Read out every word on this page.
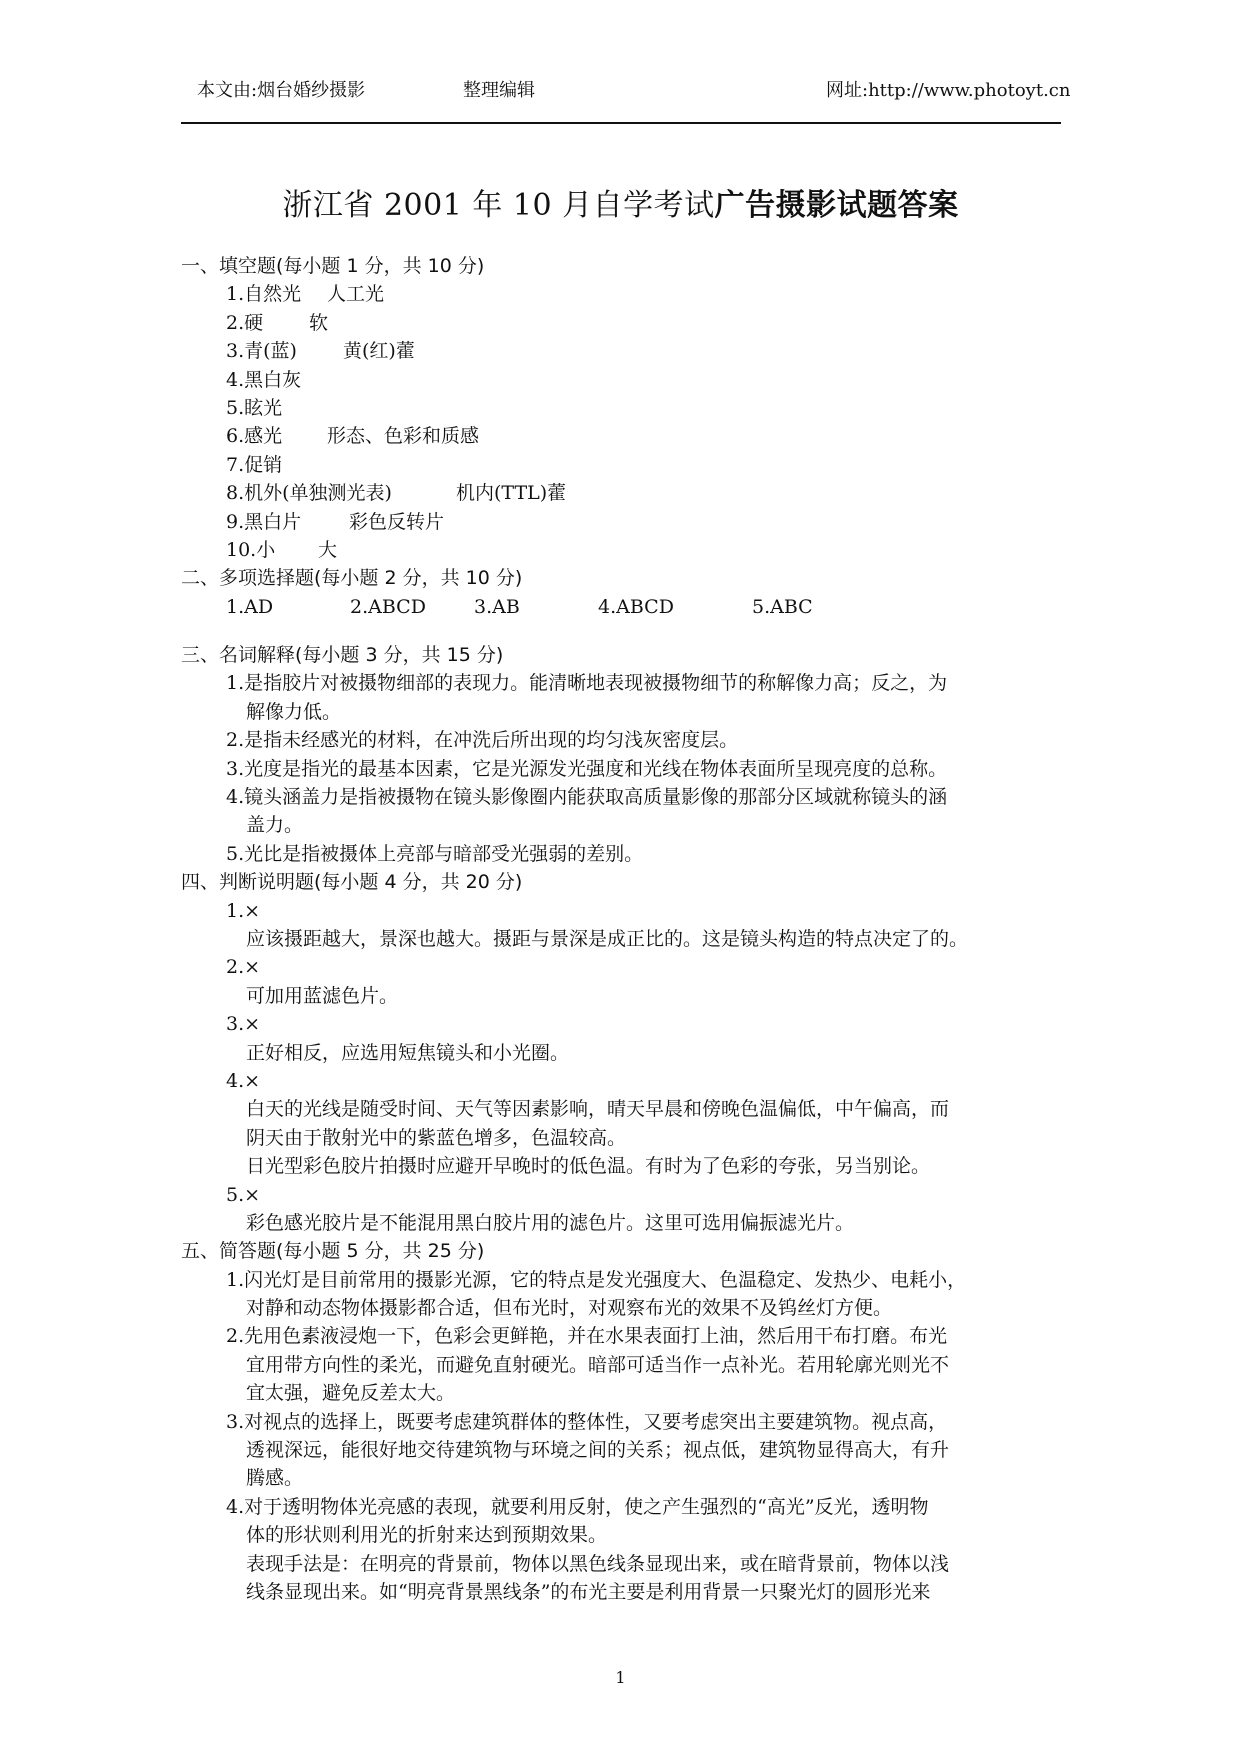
本文由:烟台婚纱摄影	整理编辑	网址:http://www.photoyt.cn
浙江省 2001 年 10 月自学考试广告摄影试题答案
一、填空题(每小题 1 分，共 10 分)
1.自然光 人工光
2.硬 软
3.青(蓝) 黄(红)藿
4.黑白灰
5.眩光
6.感光 形态、色彩和质感
7.促销
8.机外(单独测光表)	机内(TTL)藿
9.黑白片	彩色反转片
10.小 大
二、多项选择题(每小题 2 分，共 10 分)
1.AD	2.ABCD	3.AB	4.ABCD	5.ABC
三、名词解释(每小题 3 分，共 15 分)
1.是指胶片对被摄物细部的表现力。能清晰地表现被摄物细节的称解像力高；反之，为
解像力低。
2.是指未经感光的材料，在冲洗后所出现的均匀浅灰密度层。
3.光度是指光的最基本因素，它是光源发光强度和光线在物体表面所呈现亮度的总称。
4.镜头涵盖力是指被摄物在镜头影像圈内能获取高质量影像的那部分区域就称镜头的涵
盖力。
5.光比是指被摄体上亮部与暗部受光强弱的差别。
四、判断说明题(每小题 4 分，共 20 分)
1.×
应该摄距越大，景深也越大。摄距与景深是成正比的。这是镜头构造的特点决定了的。
2.×
可加用蓝滤色片。
3.×
正好相反，应选用短焦镜头和小光圈。
4.×
白天的光线是随受时间、天气等因素影响，晴天早晨和傍晚色温偏低，中午偏高，而
阴天由于散射光中的紫蓝色增多，色温较高。
日光型彩色胶片拍摄时应避开早晚时的低色温。有时为了色彩的夸张，另当别论。
5.×
彩色感光胶片是不能混用黑白胶片用的滤色片。这里可选用偏振滤光片。
五、简答题(每小题 5 分，共 25 分)
1.闪光灯是目前常用的摄影光源，它的特点是发光强度大、色温稳定、发热少、电耗小，
对静和动态物体摄影都合适，但布光时，对观察布光的效果不及钨丝灯方便。
2.先用色素液浸炮一下，色彩会更鲜艳，并在水果表面打上油，然后用干布打磨。布光
宜用带方向性的柔光，而避免直射硬光。暗部可适当作一点补光。若用轮廓光则光不
宜太强，避免反差太大。
3.对视点的选择上，既要考虑建筑群体的整体性，又要考虑突出主要建筑物。视点高，
透视深远，能很好地交待建筑物与环境之间的关系；视点低，建筑物显得高大，有升
腾感。
4.对于透明物体光亮感的表现，就要利用反射，使之产生强烈的“高光”反光，透明物
体的形状则利用光的折射来达到预期效果。
表现手法是：在明亮的背景前，物体以黑色线条显现出来，或在暗背景前，物体以浅
线条显现出来。如“明亮背景黑线条”的布光主要是利用背景一只聚光灯的圆形光来
1
